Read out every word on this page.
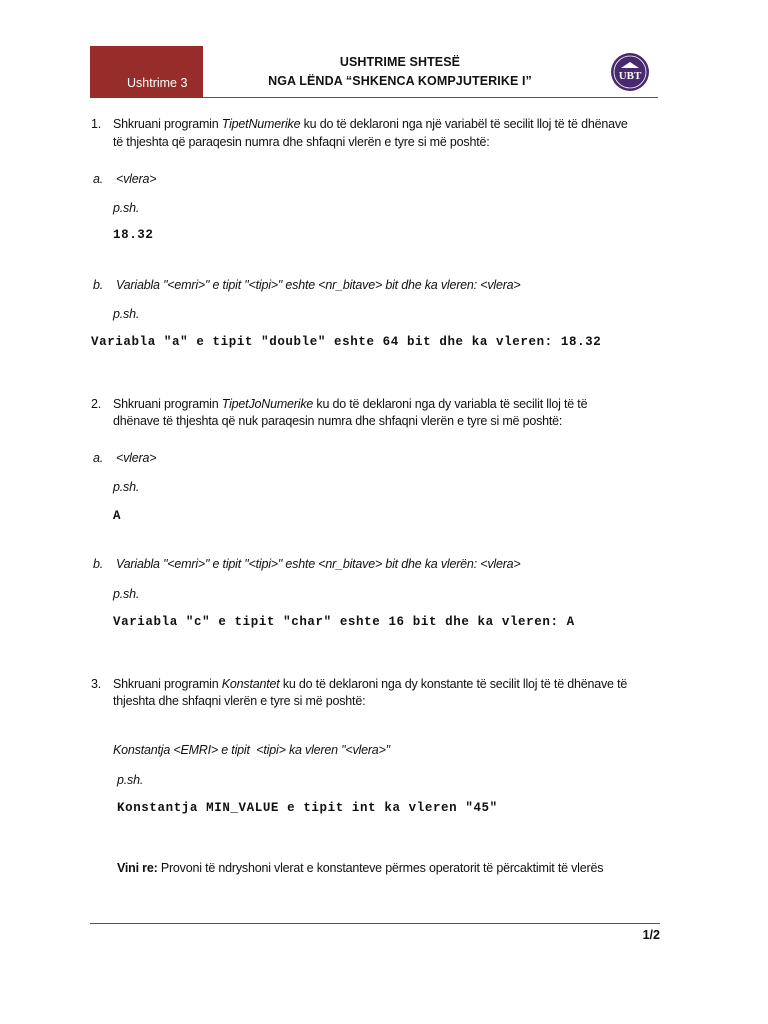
Ushtrime 3
USHTRIME SHTESË
NGA LËNDA “SHKENCA KOMPJUTERIKE I”	UBT
1. Shkruani programin TipetNumerike ku do të deklaroni nga një variabël të secilit lloj të të dhënave
të thjeshta që paraqesin numra dhe shfaqni vlerën e tyre si më poshtë:
a. <vlera>
p.sh.
18.32
b. Variabla "<emri>" e tipit "<tipi>" eshte <nr_bitave> bit dhe ka vleren: <vlera>
p.sh.
Variabla "a" e tipit "double" eshte 64 bit dhe ka vleren: 18.32
2. Shkruani programin TipetJoNumerike ku do të deklaroni nga dy variabla të secilit lloj të të
dhënave të thjeshta që nuk paraqesin numra dhe shfaqni vlerën e tyre si më poshtë:
a. <vlera>
p.sh.
A
b. Variabla "<emri>" e tipit "<tipi>" eshte <nr_bitave> bit dhe ka vlerën: <vlera>
p.sh.
Variabla "c" e tipit "char" eshte 16 bit dhe ka vleren: A
3. Shkruani programin Konstantet ku do të deklaroni nga dy konstante të secilit lloj të të dhënave të
thjeshta dhe shfaqni vlerën e tyre si më poshtë:
Konstantja <EMRI> e tipit  <tipi> ka vleren "<vlera>"
p.sh.
Konstantja MIN_VALUE e tipit int ka vleren "45"
Vini re: Provoni të ndryshoni vlerat e konstanteve përmes operatorit të përcaktimit të vlerës
1/2
